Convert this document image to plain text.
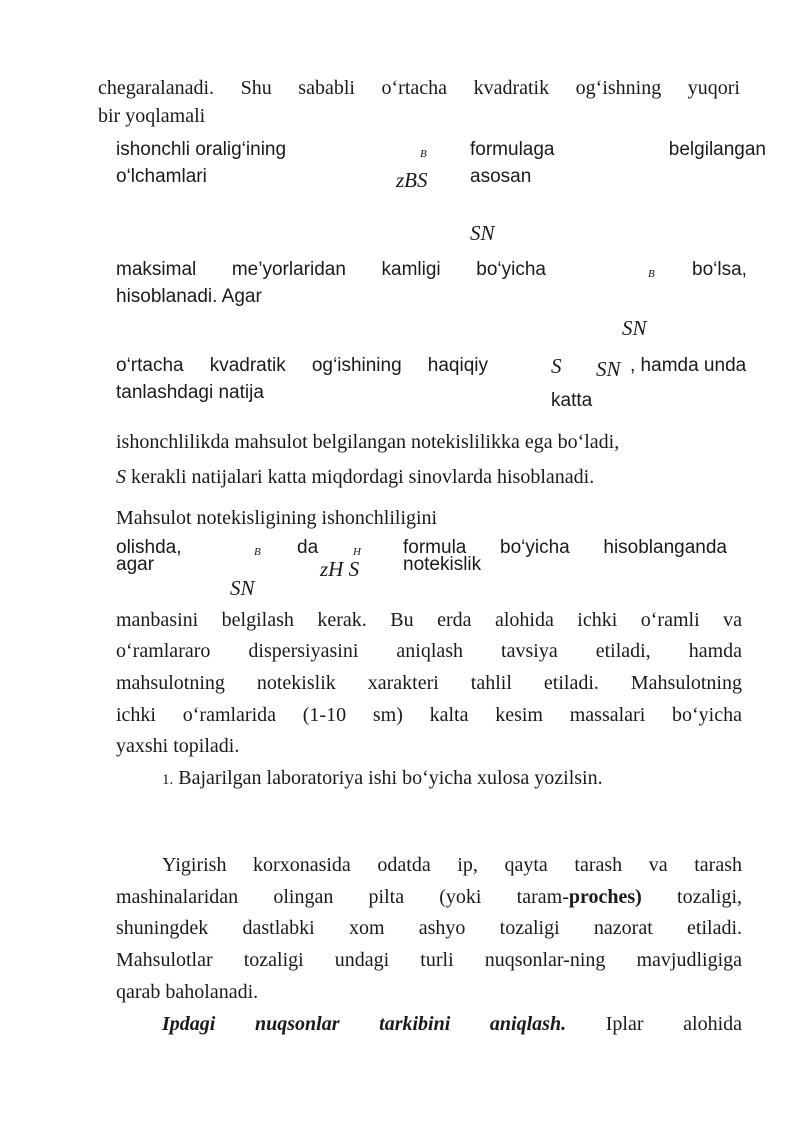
chegaralanadi. Shu sababli o‘rtacha kvadratik og‘ishning yuqori
bir yoqlamali
ishonchli oralig‘ining
o‘lchamlari
B
zBS
formulaga	belgilangan
asosan
SN
maksimal me’yorlaridan kamligi bo‘yicha
hisoblanadi. Agar
B bo‘lsa,
SN
o‘rtacha kvadratik og‘ishining haqiqiy
tanlashdagi natija
S SN , hamda unda
katta
ishonchlilikda mahsulot belgilangan notekislilikka ega bo‘ladi,
S kerakli natijalari katta miqdordagi sinovlarda hisoblanadi.
Mahsulot notekisligining ishonchliligini
olishda,
agar
B da	H
zH S
formula bo‘yicha hisoblanganda
notekislik
SN
manbasini belgilash kerak. Bu erda alohida ichki o‘ramli va
o‘ramlararo dispersiyasini aniqlash tavsiya etiladi, hamda
mahsulotning notekislik xarakteri tahlil etiladi. Mahsulotning
ichki o‘ramlarida (1-10 sm) kalta kesim massalari bo‘yicha
yaxshi topiladi.
1. Bajarilgan laboratoriya ishi bo‘yicha xulosa yozilsin.
Yigirish korxonasida odatda ip, qayta tarash va tarash
mashinalaridan olingan pilta (yoki taram-proches) tozaligi,
shuningdek dastlabki xom ashyo tozaligi nazorat etiladi.
Mahsulotlar tozaligi undagi turli nuqsonlar-ning mavjudligiga
qarab baholanadi.
Ipdagi nuqsonlar tarkibini aniqlash. Iplar alohida
